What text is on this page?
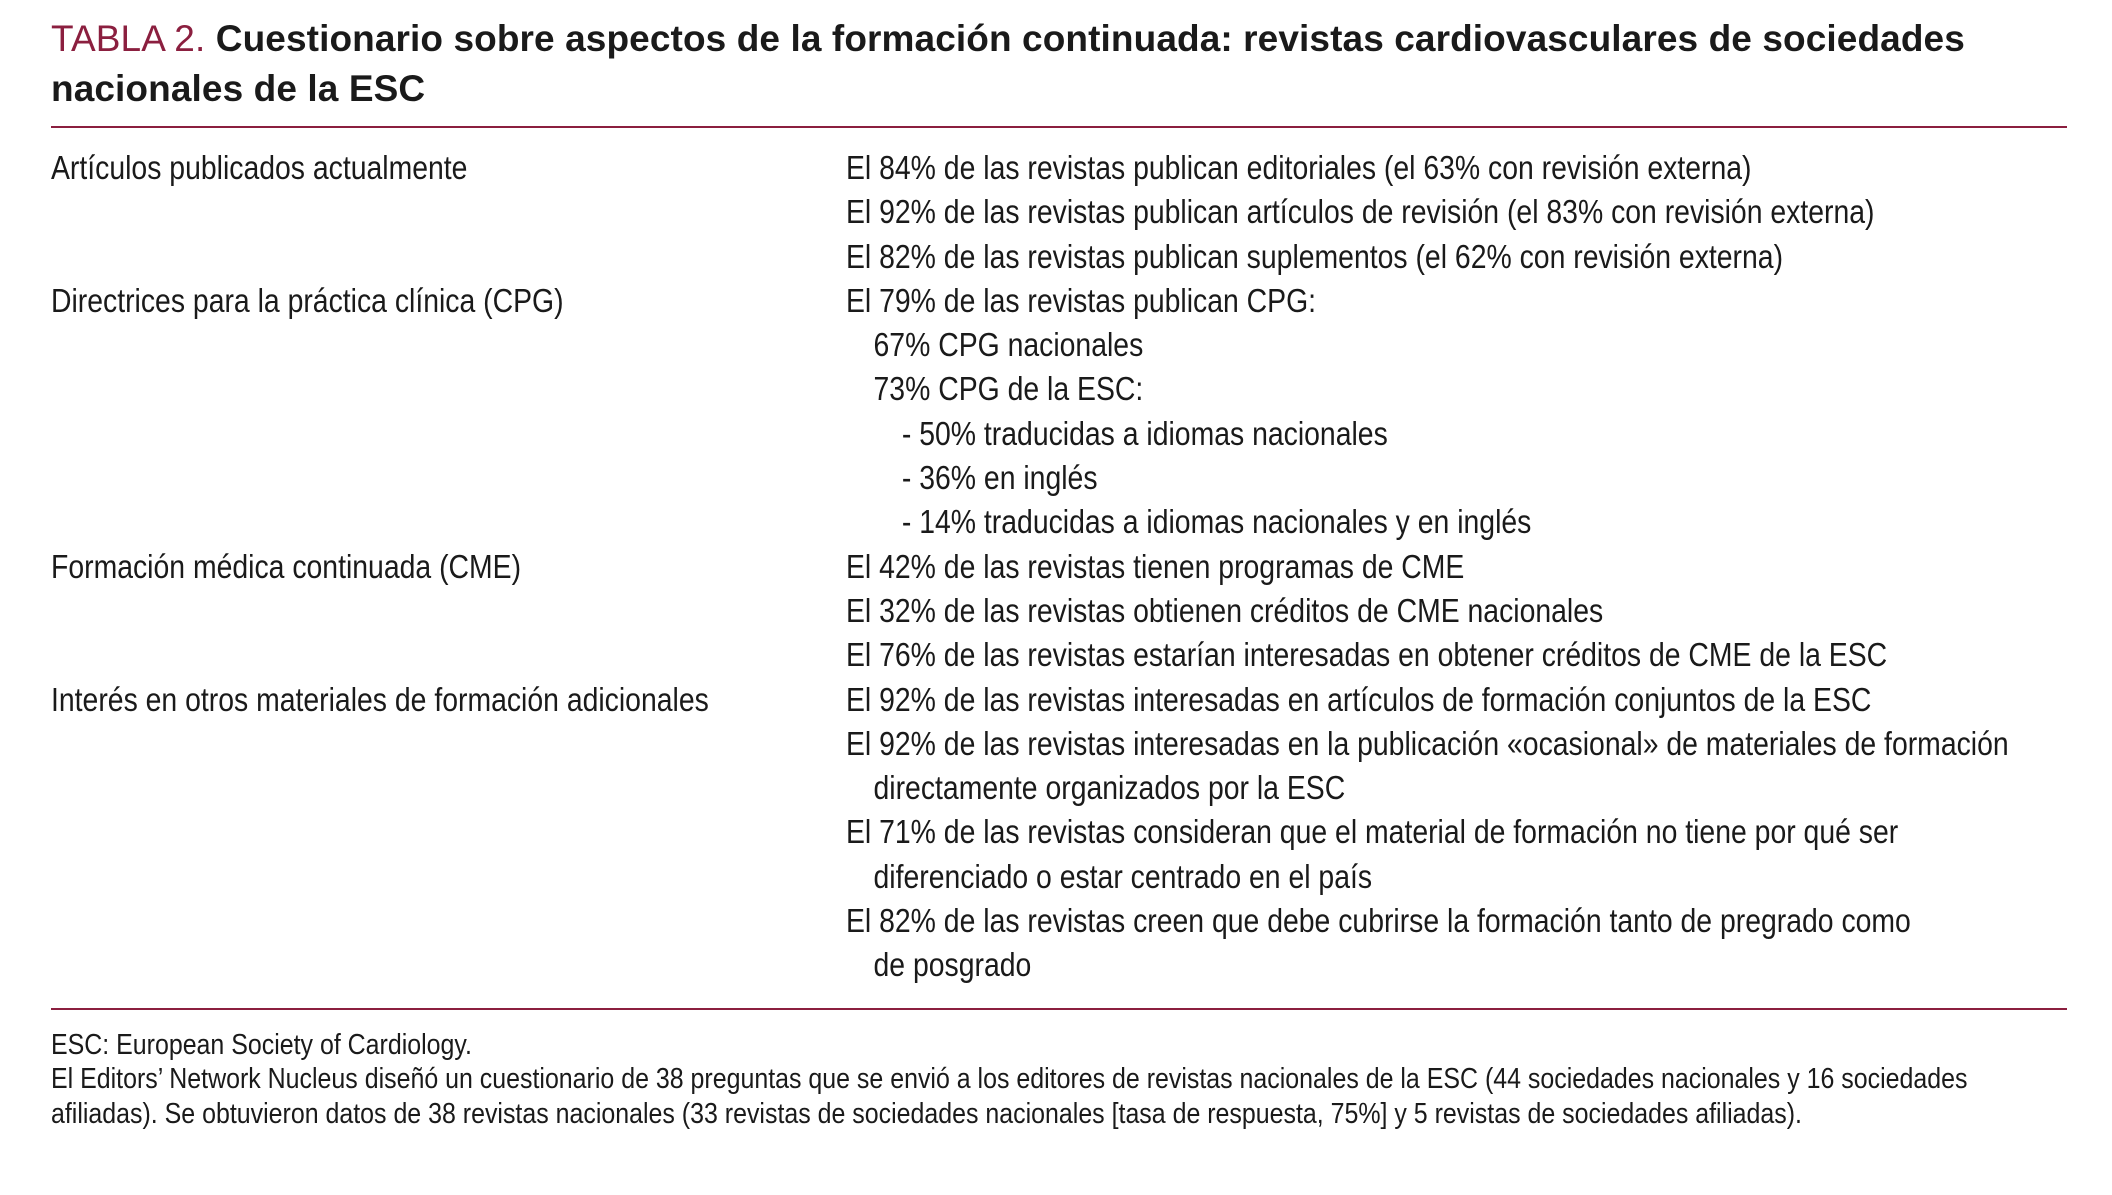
TABLA 2. Cuestionario sobre aspectos de la formación continuada: revistas cardiovasculares de sociedades nacionales de la ESC
Artículos publicados actualmente	El 84% de las revistas publican editoriales (el 63% con revisión externa)
El 92% de las revistas publican artículos de revisión (el 83% con revisión externa)
El 82% de las revistas publican suplementos (el 62% con revisión externa)
Directrices para la práctica clínica (CPG)	El 79% de las revistas publican CPG:
67% CPG nacionales
73% CPG de la ESC:
- 50% traducidas a idiomas nacionales
- 36% en inglés
- 14% traducidas a idiomas nacionales y en inglés
Formación médica continuada (CME)	El 42% de las revistas tienen programas de CME
El 32% de las revistas obtienen créditos de CME nacionales
El 76% de las revistas estarían interesadas en obtener créditos de CME de la ESC
Interés en otros materiales de formación adicionales	El 92% de las revistas interesadas en artículos de formación conjuntos de la ESC
El 92% de las revistas interesadas en la publicación «ocasional» de materiales de formación
directamente organizados por la ESC
El 71% de las revistas consideran que el material de formación no tiene por qué ser
diferenciado o estar centrado en el país
El 82% de las revistas creen que debe cubrirse la formación tanto de pregrado como
de posgrado
ESC: European Society of Cardiology.
El Editors’ Network Nucleus diseñó un cuestionario de 38 preguntas que se envió a los editores de revistas nacionales de la ESC (44 sociedades nacionales y 16 sociedades afiliadas). Se obtuvieron datos de 38 revistas nacionales (33 revistas de sociedades nacionales [tasa de respuesta, 75%] y 5 revistas de sociedades afiliadas).
